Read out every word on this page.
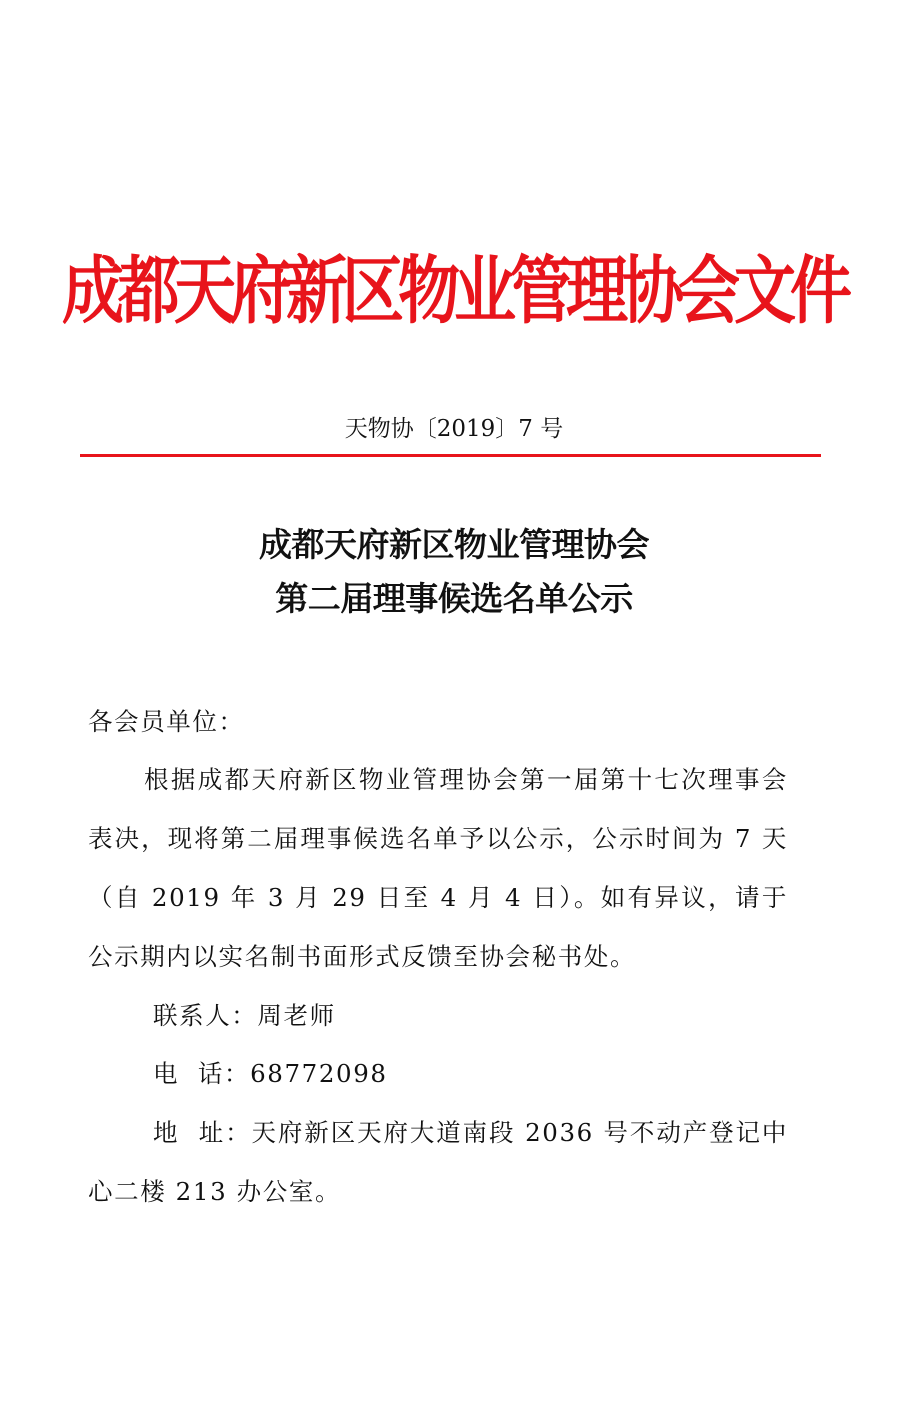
成都天府新区物业管理协会文件
天物协〔2019〕7 号
成都天府新区物业管理协会
第二届理事候选名单公示
各会员单位：
根据成都天府新区物业管理协会第一届第十七次理事会表决，现将第二届理事候选名单予以公示，公示时间为 7 天（自 2019 年 3 月 29 日至 4 月 4 日）。如有异议，请于公示期内以实名制书面形式反馈至协会秘书处。
联系人：周老师
电  话：68772098
地  址：天府新区天府大道南段 2036 号不动产登记中心二楼 213 办公室。
